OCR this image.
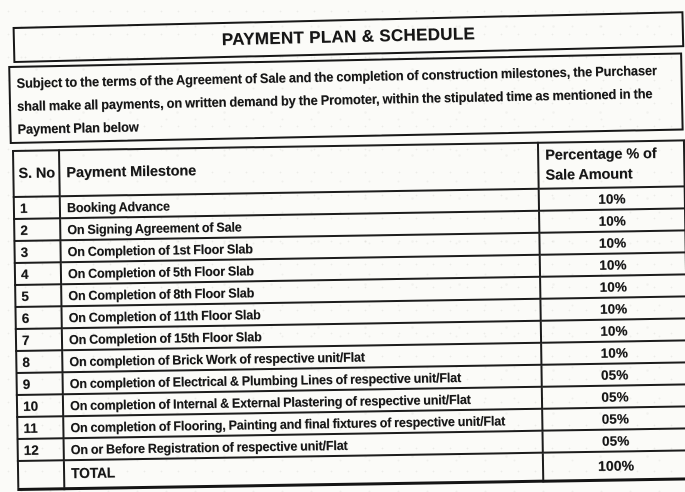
PAYMENT PLAN & SCHEDULE

Subject to the terms of the Agreement of Sale and the completion of construction milestones, the Purchaser shall make all payments, on written demand by the Promoter, within the stipulated time as mentioned in the Payment Plan below

S. No	Payment Milestone	Percentage % of Sale Amount
1	Booking Advance	10%
2	On Signing Agreement of Sale	10%
3	On Completion of 1st Floor Slab	10%
4	On Completion of 5th Floor Slab	10%
5	On Completion of 8th Floor Slab	10%
6	On Completion of 11th Floor Slab	10%
7	On Completion of 15th Floor Slab	10%
8	On completion of Brick Work of respective unit/Flat	10%
9	On completion of Electrical & Plumbing Lines of respective unit/Flat	05%
10	On completion of Internal & External Plastering of respective unit/Flat	05%
11	On completion of Flooring, Painting and final fixtures of respective unit/Flat	05%
12	On or Before Registration of respective unit/Flat	05%
	TOTAL	100%
